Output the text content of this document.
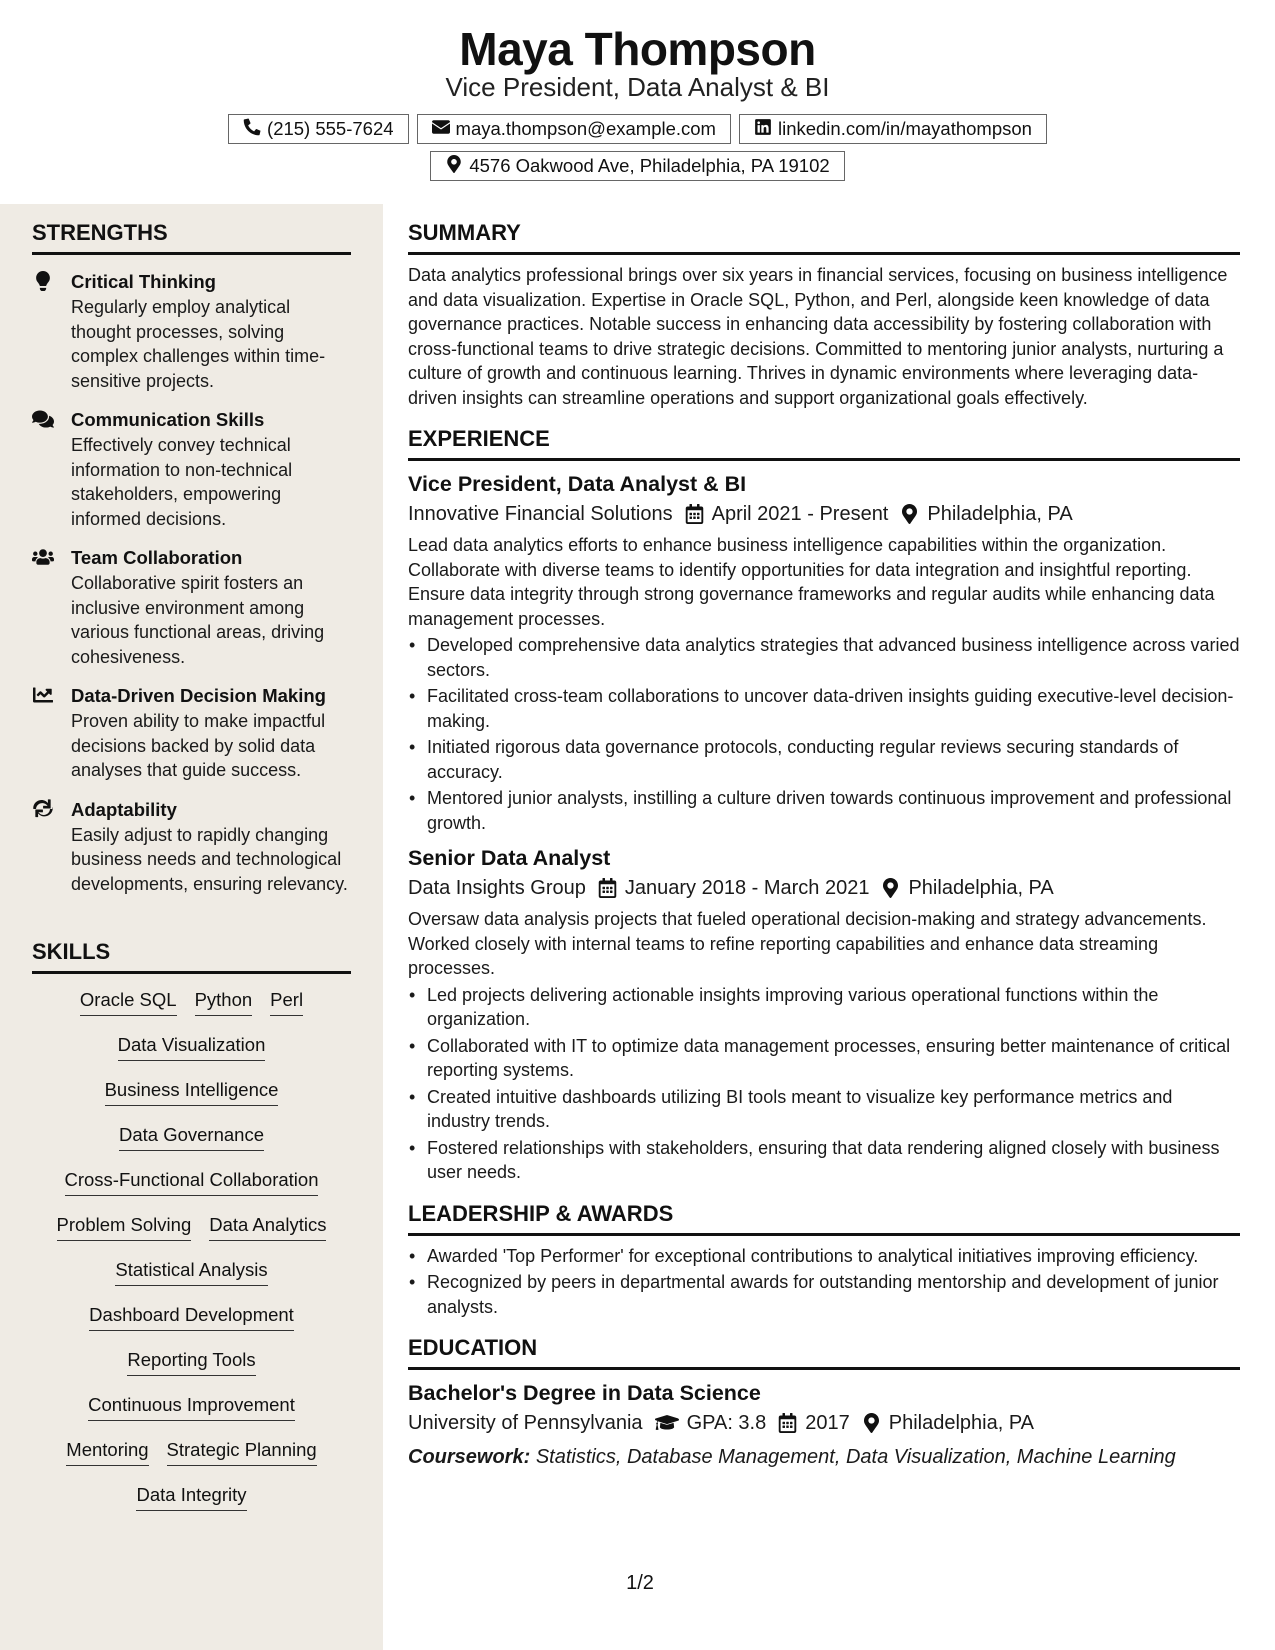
Maya Thompson
Vice President, Data Analyst & BI
(215) 555-7624	maya.thompson@example.com	linkedin.com/in/mayathompson
4576 Oakwood Ave, Philadelphia, PA 19102
STRENGTHS
Critical Thinking
Regularly employ analytical thought processes, solving complex challenges within time-sensitive projects.
Communication Skills
Effectively convey technical information to non-technical stakeholders, empowering informed decisions.
Team Collaboration
Collaborative spirit fosters an inclusive environment among various functional areas, driving cohesiveness.
Data-Driven Decision Making
Proven ability to make impactful decisions backed by solid data analyses that guide success.
Adaptability
Easily adjust to rapidly changing business needs and technological developments, ensuring relevancy.
SKILLS
Oracle SQL Python Perl
Data Visualization
Business Intelligence
Data Governance
Cross-Functional Collaboration
Problem Solving Data Analytics
Statistical Analysis
Dashboard Development
Reporting Tools
Continuous Improvement
Mentoring Strategic Planning
Data Integrity
SUMMARY
Data analytics professional brings over six years in financial services, focusing on business intelligence and data visualization. Expertise in Oracle SQL, Python, and Perl, alongside keen knowledge of data governance practices. Notable success in enhancing data accessibility by fostering collaboration with cross-functional teams to drive strategic decisions. Committed to mentoring junior analysts, nurturing a culture of growth and continuous learning. Thrives in dynamic environments where leveraging data-driven insights can streamline operations and support organizational goals effectively.
EXPERIENCE
Vice President, Data Analyst & BI
Innovative Financial Solutions April 2021 - Present Philadelphia, PA
Lead data analytics efforts to enhance business intelligence capabilities within the organization. Collaborate with diverse teams to identify opportunities for data integration and insightful reporting. Ensure data integrity through strong governance frameworks and regular audits while enhancing data management processes.
• Developed comprehensive data analytics strategies that advanced business intelligence across varied sectors.
• Facilitated cross-team collaborations to uncover data-driven insights guiding executive-level decision-making.
• Initiated rigorous data governance protocols, conducting regular reviews securing standards of accuracy.
• Mentored junior analysts, instilling a culture driven towards continuous improvement and professional growth.
Senior Data Analyst
Data Insights Group January 2018 - March 2021 Philadelphia, PA
Oversaw data analysis projects that fueled operational decision-making and strategy advancements. Worked closely with internal teams to refine reporting capabilities and enhance data streaming processes.
• Led projects delivering actionable insights improving various operational functions within the organization.
• Collaborated with IT to optimize data management processes, ensuring better maintenance of critical reporting systems.
• Created intuitive dashboards utilizing BI tools meant to visualize key performance metrics and industry trends.
• Fostered relationships with stakeholders, ensuring that data rendering aligned closely with business user needs.
LEADERSHIP & AWARDS
• Awarded 'Top Performer' for exceptional contributions to analytical initiatives improving efficiency.
• Recognized by peers in departmental awards for outstanding mentorship and development of junior analysts.
EDUCATION
Bachelor's Degree in Data Science
University of Pennsylvania GPA: 3.8 2017 Philadelphia, PA
Coursework: Statistics, Database Management, Data Visualization, Machine Learning
1/2
